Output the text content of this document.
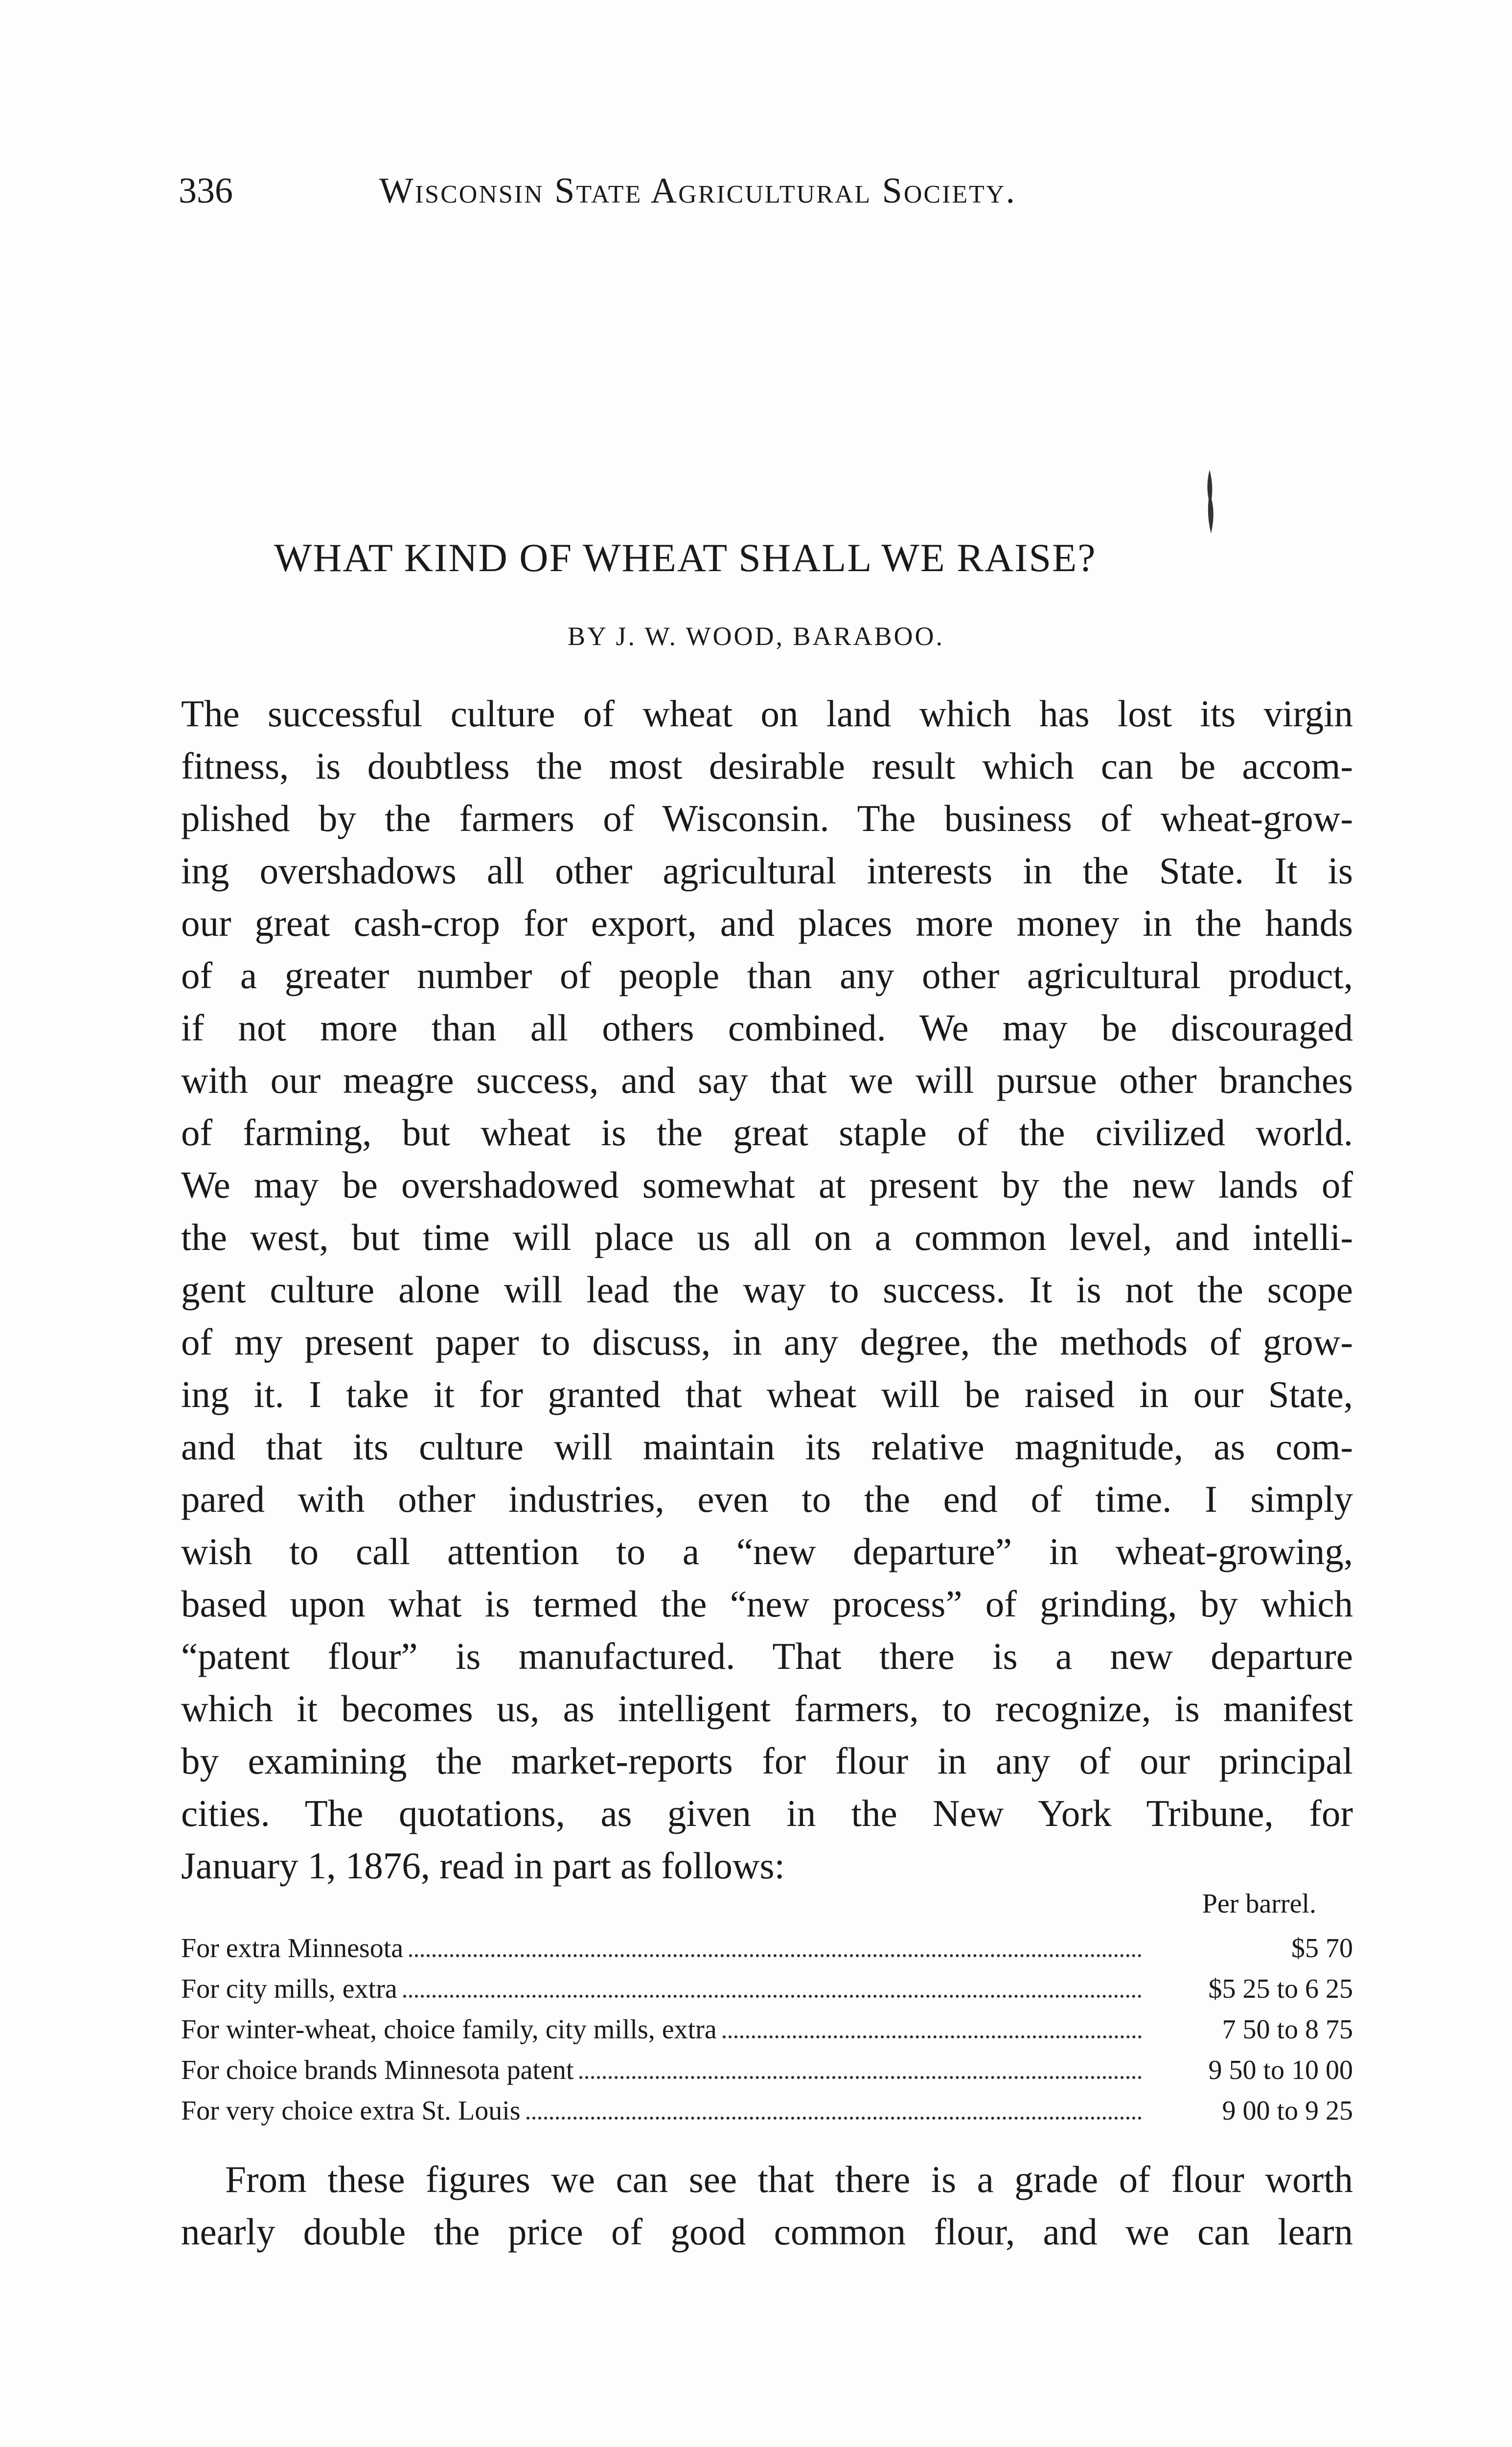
336	Wisconsin State Agricultural Society.
WHAT KIND OF WHEAT SHALL WE RAISE?
BY J. W. WOOD, BARABOO.
The successful culture of wheat on land which has lost its virgin
fitness, is doubtless the most desirable result which can be accom-
plished by the farmers of Wisconsin. The business of wheat-grow-
ing overshadows all other agricultural interests in the State. It is
our great cash-crop for export, and places more money in the hands
of a greater number of people than any other agricultural product,
if not more than all others combined. We may be discouraged
with our meagre success, and say that we will pursue other branches
of farming, but wheat is the great staple of the civilized world.
We may be overshadowed somewhat at present by the new lands of
the west, but time will place us all on a common level, and intelli-
gent culture alone will lead the way to success. It is not the scope
of my present paper to discuss, in any degree, the methods of grow-
ing it. I take it for granted that wheat will be raised in our State,
and that its culture will maintain its relative magnitude, as com-
pared with other industries, even to the end of time. I simply
wish to call attention to a “new departure” in wheat-growing,
based upon what is termed the “new process” of grinding, by which
“patent flour” is manufactured. That there is a new departure
which it becomes us, as intelligent farmers, to recognize, is manifest
by examining the market-reports for flour in any of our principal
cities. The quotations, as given in the New York Tribune, for
January 1, 1876, read in part as follows:
Per barrel.
For extra Minnesota	$5 70
For city mills, extra	$5 25 to 6 25
For winter-wheat, choice family, city mills, extra	7 50 to 8 75
For choice brands Minnesota patent	9 50 to 10 00
For very choice extra St. Louis	9 00 to 9 25
From these figures we can see that there is a grade of flour worth
nearly double the price of good common flour, and we can learn
